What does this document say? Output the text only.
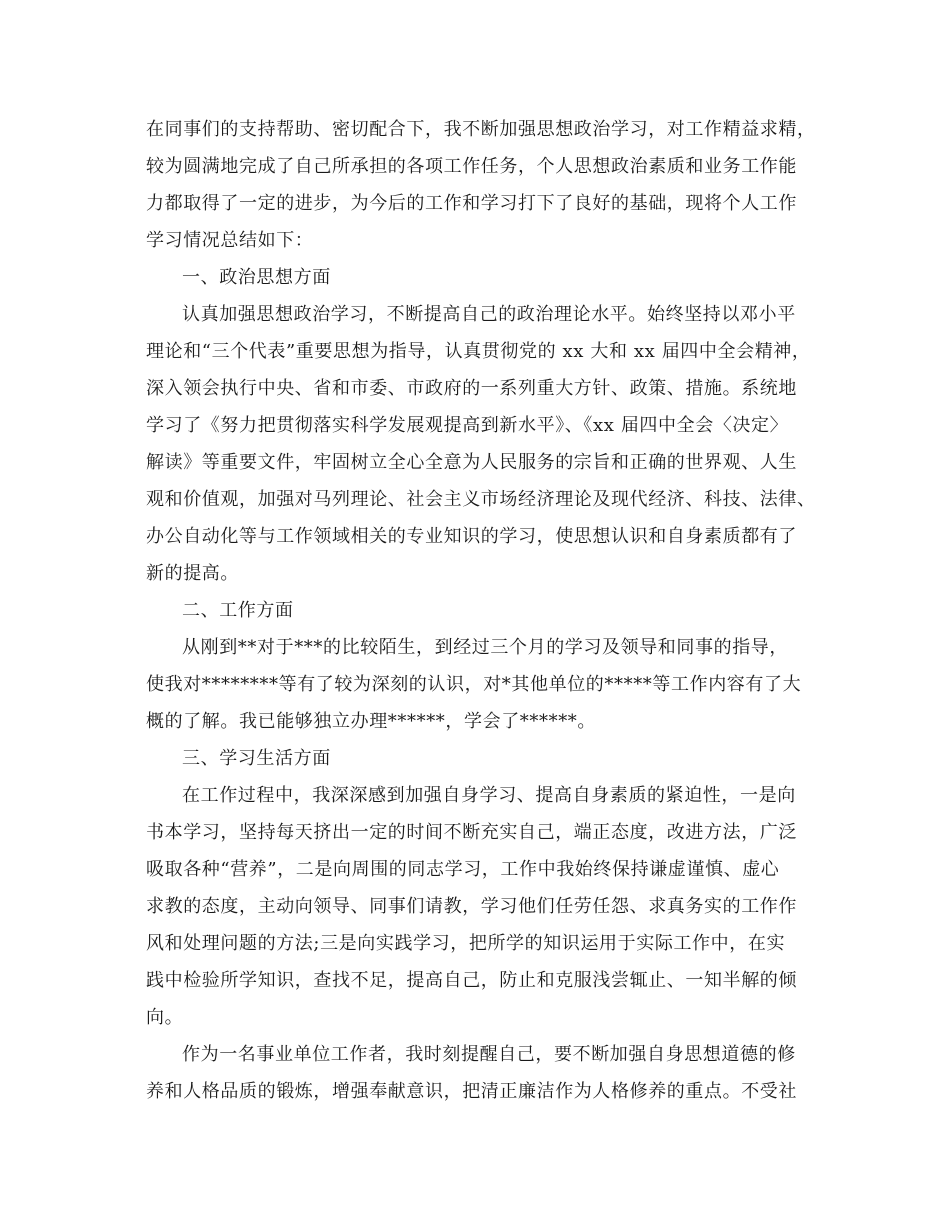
在同事们的支持帮助、密切配合下，我不断加强思想政治学习，对工作精益求精，
较为圆满地完成了自己所承担的各项工作任务，个人思想政治素质和业务工作能
力都取得了一定的进步，为今后的工作和学习打下了良好的基础，现将个人工作
学习情况总结如下：
一、政治思想方面
认真加强思想政治学习，不断提高自己的政治理论水平。始终坚持以邓小平
理论和“三个代表”重要思想为指导，认真贯彻党的 xx 大和 xx 届四中全会精神，
深入领会执行中央、省和市委、市政府的一系列重大方针、政策、措施。系统地
学习了《努力把贯彻落实科学发展观提高到新水平》、《xx 届四中全会〈决定〉
解读》等重要文件，牢固树立全心全意为人民服务的宗旨和正确的世界观、人生
观和价值观，加强对马列理论、社会主义市场经济理论及现代经济、科技、法律、
办公自动化等与工作领域相关的专业知识的学习，使思想认识和自身素质都有了
新的提高。
二、工作方面
从刚到**对于***的比较陌生，到经过三个月的学习及领导和同事的指导，
使我对********等有了较为深刻的认识，对*其他单位的*****等工作内容有了大
概的了解。我已能够独立办理******，学会了******。
三、学习生活方面
在工作过程中，我深深感到加强自身学习、提高自身素质的紧迫性，一是向
书本学习，坚持每天挤出一定的时间不断充实自己，端正态度，改进方法，广泛
吸取各种“营养”，二是向周围的同志学习，工作中我始终保持谦虚谨慎、虚心
求教的态度，主动向领导、同事们请教，学习他们任劳任怨、求真务实的工作作
风和处理问题的方法;三是向实践学习，把所学的知识运用于实际工作中，在实
践中检验所学知识，查找不足，提高自己，防止和克服浅尝辄止、一知半解的倾
向。
作为一名事业单位工作者，我时刻提醒自己，要不断加强自身思想道德的修
养和人格品质的锻炼，增强奉献意识，把清正廉洁作为人格修养的重点。不受社
